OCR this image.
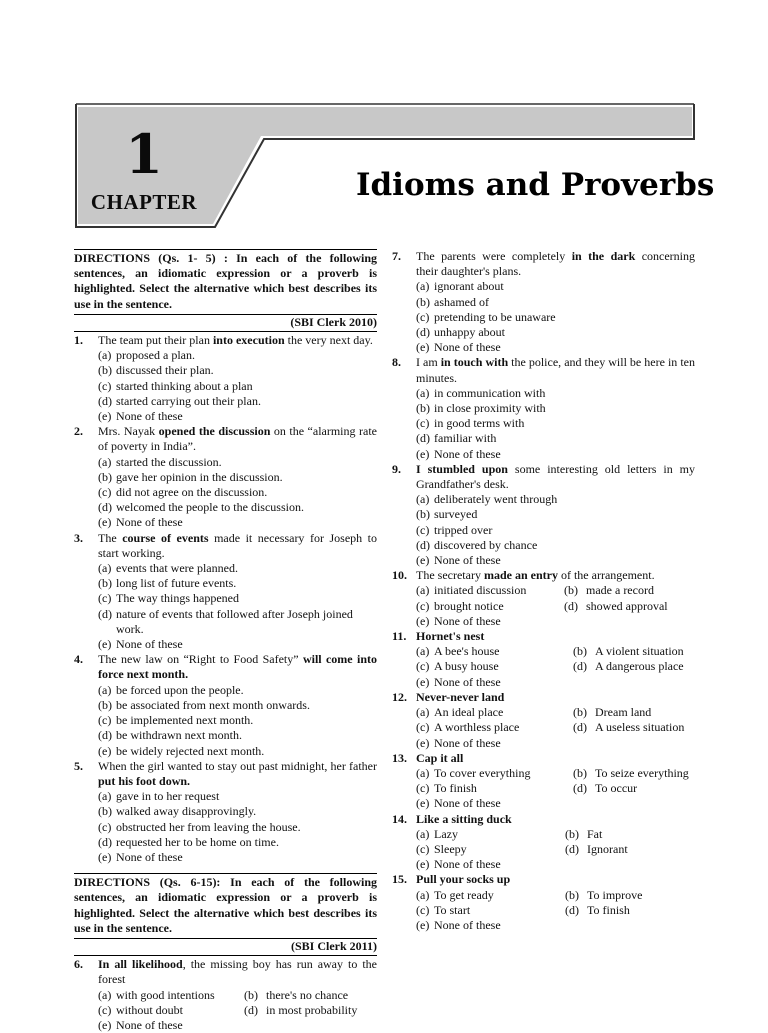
1
CHAPTER	Idioms and Proverbs
DIRECTIONS (Qs. 1- 5) : In each of the following sentences, an idiomatic expression or a proverb is highlighted. Select the alternative which best describes its use in the sentence.
(SBI Clerk 2010)
1. The team put their plan into execution the very next day.
(a) proposed a plan.
(b) discussed their plan.
(c) started thinking about a plan
(d) started carrying out their plan.
(e) None of these
2. Mrs. Nayak opened the discussion on the “alarming rate of poverty in India”.
(a) started the discussion.
(b) gave her opinion in the discussion.
(c) did not agree on the discussion.
(d) welcomed the people to the discussion.
(e) None of these
3. The course of events made it necessary for Joseph to start working.
(a) events that were planned.
(b) long list of future events.
(c) The way things happened
(d) nature of events that followed after Joseph joined work.
(e) None of these
4. The new law on “Right to Food Safety” will come into force next month.
(a) be forced upon the people.
(b) be associated from next month onwards.
(c) be implemented next month.
(d) be withdrawn next month.
(e) be widely rejected next month.
5. When the girl wanted to stay out past midnight, her father put his foot down.
(a) gave in to her request
(b) walked away disapprovingly.
(c) obstructed her from leaving the house.
(d) requested her to be home on time.
(e) None of these
DIRECTIONS (Qs. 6-15): In each of the following sentences, an idiomatic expression or a proverb is highlighted. Select the alternative which best describes its use in the sentence.
(SBI Clerk 2011)
6. In all likelihood, the missing boy has run away to the forest
(a) with good intentions	(b) there's no chance
(c) without doubt	(d) in most probability
(e) None of these
7. The parents were completely in the dark concerning their daughter's plans.
(a) ignorant about
(b) ashamed of
(c) pretending to be unaware
(d) unhappy about
(e) None of these
8. I am in touch with the police, and they will be here in ten minutes.
(a) in communication with
(b) in close proximity with
(c) in good terms with
(d) familiar with
(e) None of these
9. I stumbled upon some interesting old letters in my Grandfather's desk.
(a) deliberately went through
(b) surveyed
(c) tripped over
(d) discovered by chance
(e) None of these
10. The secretary made an entry of the arrangement.
(a) initiated discussion	(b) made a record
(c) brought notice	(d) showed approval
(e) None of these
11. Hornet's nest
(a) A bee's house	(b) A violent situation
(c) A busy house	(d) A dangerous place
(e) None of these
12. Never-never land
(a) An ideal place	(b) Dream land
(c) A worthless place	(d) A useless situation
(e) None of these
13. Cap it all
(a) To cover everything	(b) To seize everything
(c) To finish	(d) To occur
(e) None of these
14. Like a sitting duck
(a) Lazy	(b) Fat
(c) Sleepy	(d) Ignorant
(e) None of these
15. Pull your socks up
(a) To get ready	(b) To improve
(c) To start	(d) To finish
(e) None of these
